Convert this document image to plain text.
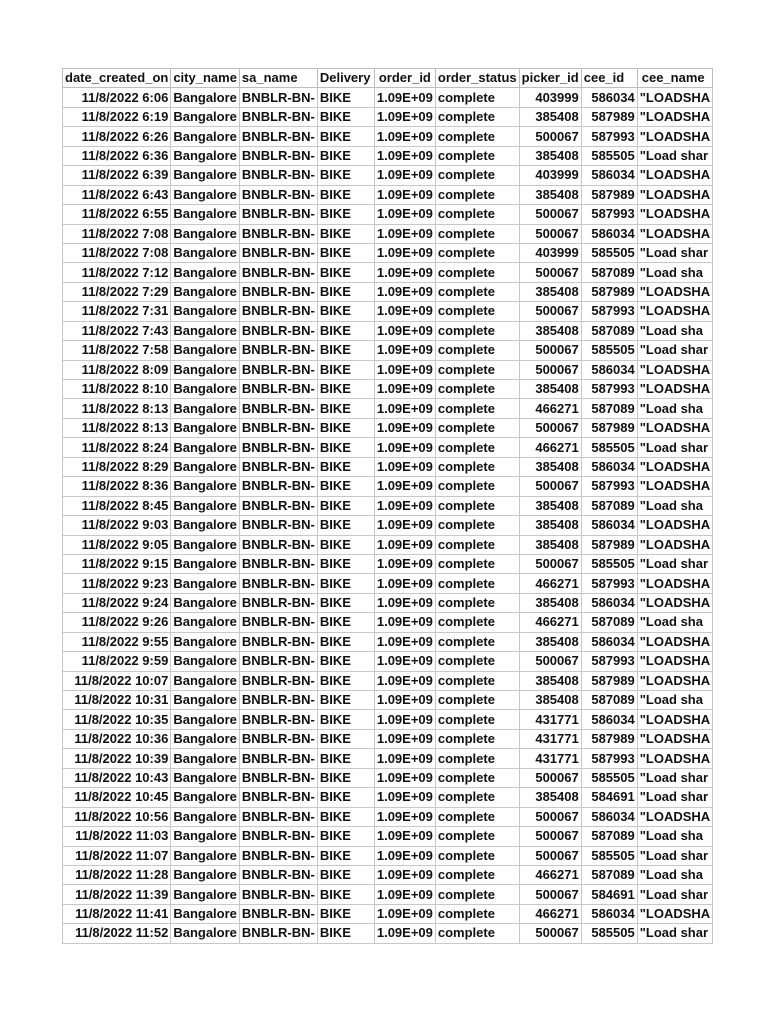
date_created_on	city_name	sa_name	Delivery	order_id	order_status	picker_id	cee_id	cee_name
11/8/2022 6:06	Bangalore	BNBLR-BN-	BIKE	1.09E+09	complete	403999	586034	"LOADSHA
11/8/2022 6:19	Bangalore	BNBLR-BN-	BIKE	1.09E+09	complete	385408	587989	"LOADSHA
11/8/2022 6:26	Bangalore	BNBLR-BN-	BIKE	1.09E+09	complete	500067	587993	"LOADSHA
11/8/2022 6:36	Bangalore	BNBLR-BN-	BIKE	1.09E+09	complete	385408	585505	"Load shar
11/8/2022 6:39	Bangalore	BNBLR-BN-	BIKE	1.09E+09	complete	403999	586034	"LOADSHA
11/8/2022 6:43	Bangalore	BNBLR-BN-	BIKE	1.09E+09	complete	385408	587989	"LOADSHA
11/8/2022 6:55	Bangalore	BNBLR-BN-	BIKE	1.09E+09	complete	500067	587993	"LOADSHA
11/8/2022 7:08	Bangalore	BNBLR-BN-	BIKE	1.09E+09	complete	500067	586034	"LOADSHA
11/8/2022 7:08	Bangalore	BNBLR-BN-	BIKE	1.09E+09	complete	403999	585505	"Load shar
11/8/2022 7:12	Bangalore	BNBLR-BN-	BIKE	1.09E+09	complete	500067	587089	"Load sha
11/8/2022 7:29	Bangalore	BNBLR-BN-	BIKE	1.09E+09	complete	385408	587989	"LOADSHA
11/8/2022 7:31	Bangalore	BNBLR-BN-	BIKE	1.09E+09	complete	500067	587993	"LOADSHA
11/8/2022 7:43	Bangalore	BNBLR-BN-	BIKE	1.09E+09	complete	385408	587089	"Load sha
11/8/2022 7:58	Bangalore	BNBLR-BN-	BIKE	1.09E+09	complete	500067	585505	"Load shar
11/8/2022 8:09	Bangalore	BNBLR-BN-	BIKE	1.09E+09	complete	500067	586034	"LOADSHA
11/8/2022 8:10	Bangalore	BNBLR-BN-	BIKE	1.09E+09	complete	385408	587993	"LOADSHA
11/8/2022 8:13	Bangalore	BNBLR-BN-	BIKE	1.09E+09	complete	466271	587089	"Load sha
11/8/2022 8:13	Bangalore	BNBLR-BN-	BIKE	1.09E+09	complete	500067	587989	"LOADSHA
11/8/2022 8:24	Bangalore	BNBLR-BN-	BIKE	1.09E+09	complete	466271	585505	"Load shar
11/8/2022 8:29	Bangalore	BNBLR-BN-	BIKE	1.09E+09	complete	385408	586034	"LOADSHA
11/8/2022 8:36	Bangalore	BNBLR-BN-	BIKE	1.09E+09	complete	500067	587993	"LOADSHA
11/8/2022 8:45	Bangalore	BNBLR-BN-	BIKE	1.09E+09	complete	385408	587089	"Load sha
11/8/2022 9:03	Bangalore	BNBLR-BN-	BIKE	1.09E+09	complete	385408	586034	"LOADSHA
11/8/2022 9:05	Bangalore	BNBLR-BN-	BIKE	1.09E+09	complete	385408	587989	"LOADSHA
11/8/2022 9:15	Bangalore	BNBLR-BN-	BIKE	1.09E+09	complete	500067	585505	"Load shar
11/8/2022 9:23	Bangalore	BNBLR-BN-	BIKE	1.09E+09	complete	466271	587993	"LOADSHA
11/8/2022 9:24	Bangalore	BNBLR-BN-	BIKE	1.09E+09	complete	385408	586034	"LOADSHA
11/8/2022 9:26	Bangalore	BNBLR-BN-	BIKE	1.09E+09	complete	466271	587089	"Load sha
11/8/2022 9:55	Bangalore	BNBLR-BN-	BIKE	1.09E+09	complete	385408	586034	"LOADSHA
11/8/2022 9:59	Bangalore	BNBLR-BN-	BIKE	1.09E+09	complete	500067	587993	"LOADSHA
11/8/2022 10:07	Bangalore	BNBLR-BN-	BIKE	1.09E+09	complete	385408	587989	"LOADSHA
11/8/2022 10:31	Bangalore	BNBLR-BN-	BIKE	1.09E+09	complete	385408	587089	"Load sha
11/8/2022 10:35	Bangalore	BNBLR-BN-	BIKE	1.09E+09	complete	431771	586034	"LOADSHA
11/8/2022 10:36	Bangalore	BNBLR-BN-	BIKE	1.09E+09	complete	431771	587989	"LOADSHA
11/8/2022 10:39	Bangalore	BNBLR-BN-	BIKE	1.09E+09	complete	431771	587993	"LOADSHA
11/8/2022 10:43	Bangalore	BNBLR-BN-	BIKE	1.09E+09	complete	500067	585505	"Load shar
11/8/2022 10:45	Bangalore	BNBLR-BN-	BIKE	1.09E+09	complete	385408	584691	"Load shar
11/8/2022 10:56	Bangalore	BNBLR-BN-	BIKE	1.09E+09	complete	500067	586034	"LOADSHA
11/8/2022 11:03	Bangalore	BNBLR-BN-	BIKE	1.09E+09	complete	500067	587089	"Load sha
11/8/2022 11:07	Bangalore	BNBLR-BN-	BIKE	1.09E+09	complete	500067	585505	"Load shar
11/8/2022 11:28	Bangalore	BNBLR-BN-	BIKE	1.09E+09	complete	466271	587089	"Load sha
11/8/2022 11:39	Bangalore	BNBLR-BN-	BIKE	1.09E+09	complete	500067	584691	"Load shar
11/8/2022 11:41	Bangalore	BNBLR-BN-	BIKE	1.09E+09	complete	466271	586034	"LOADSHA
11/8/2022 11:52	Bangalore	BNBLR-BN-	BIKE	1.09E+09	complete	500067	585505	"Load shar
